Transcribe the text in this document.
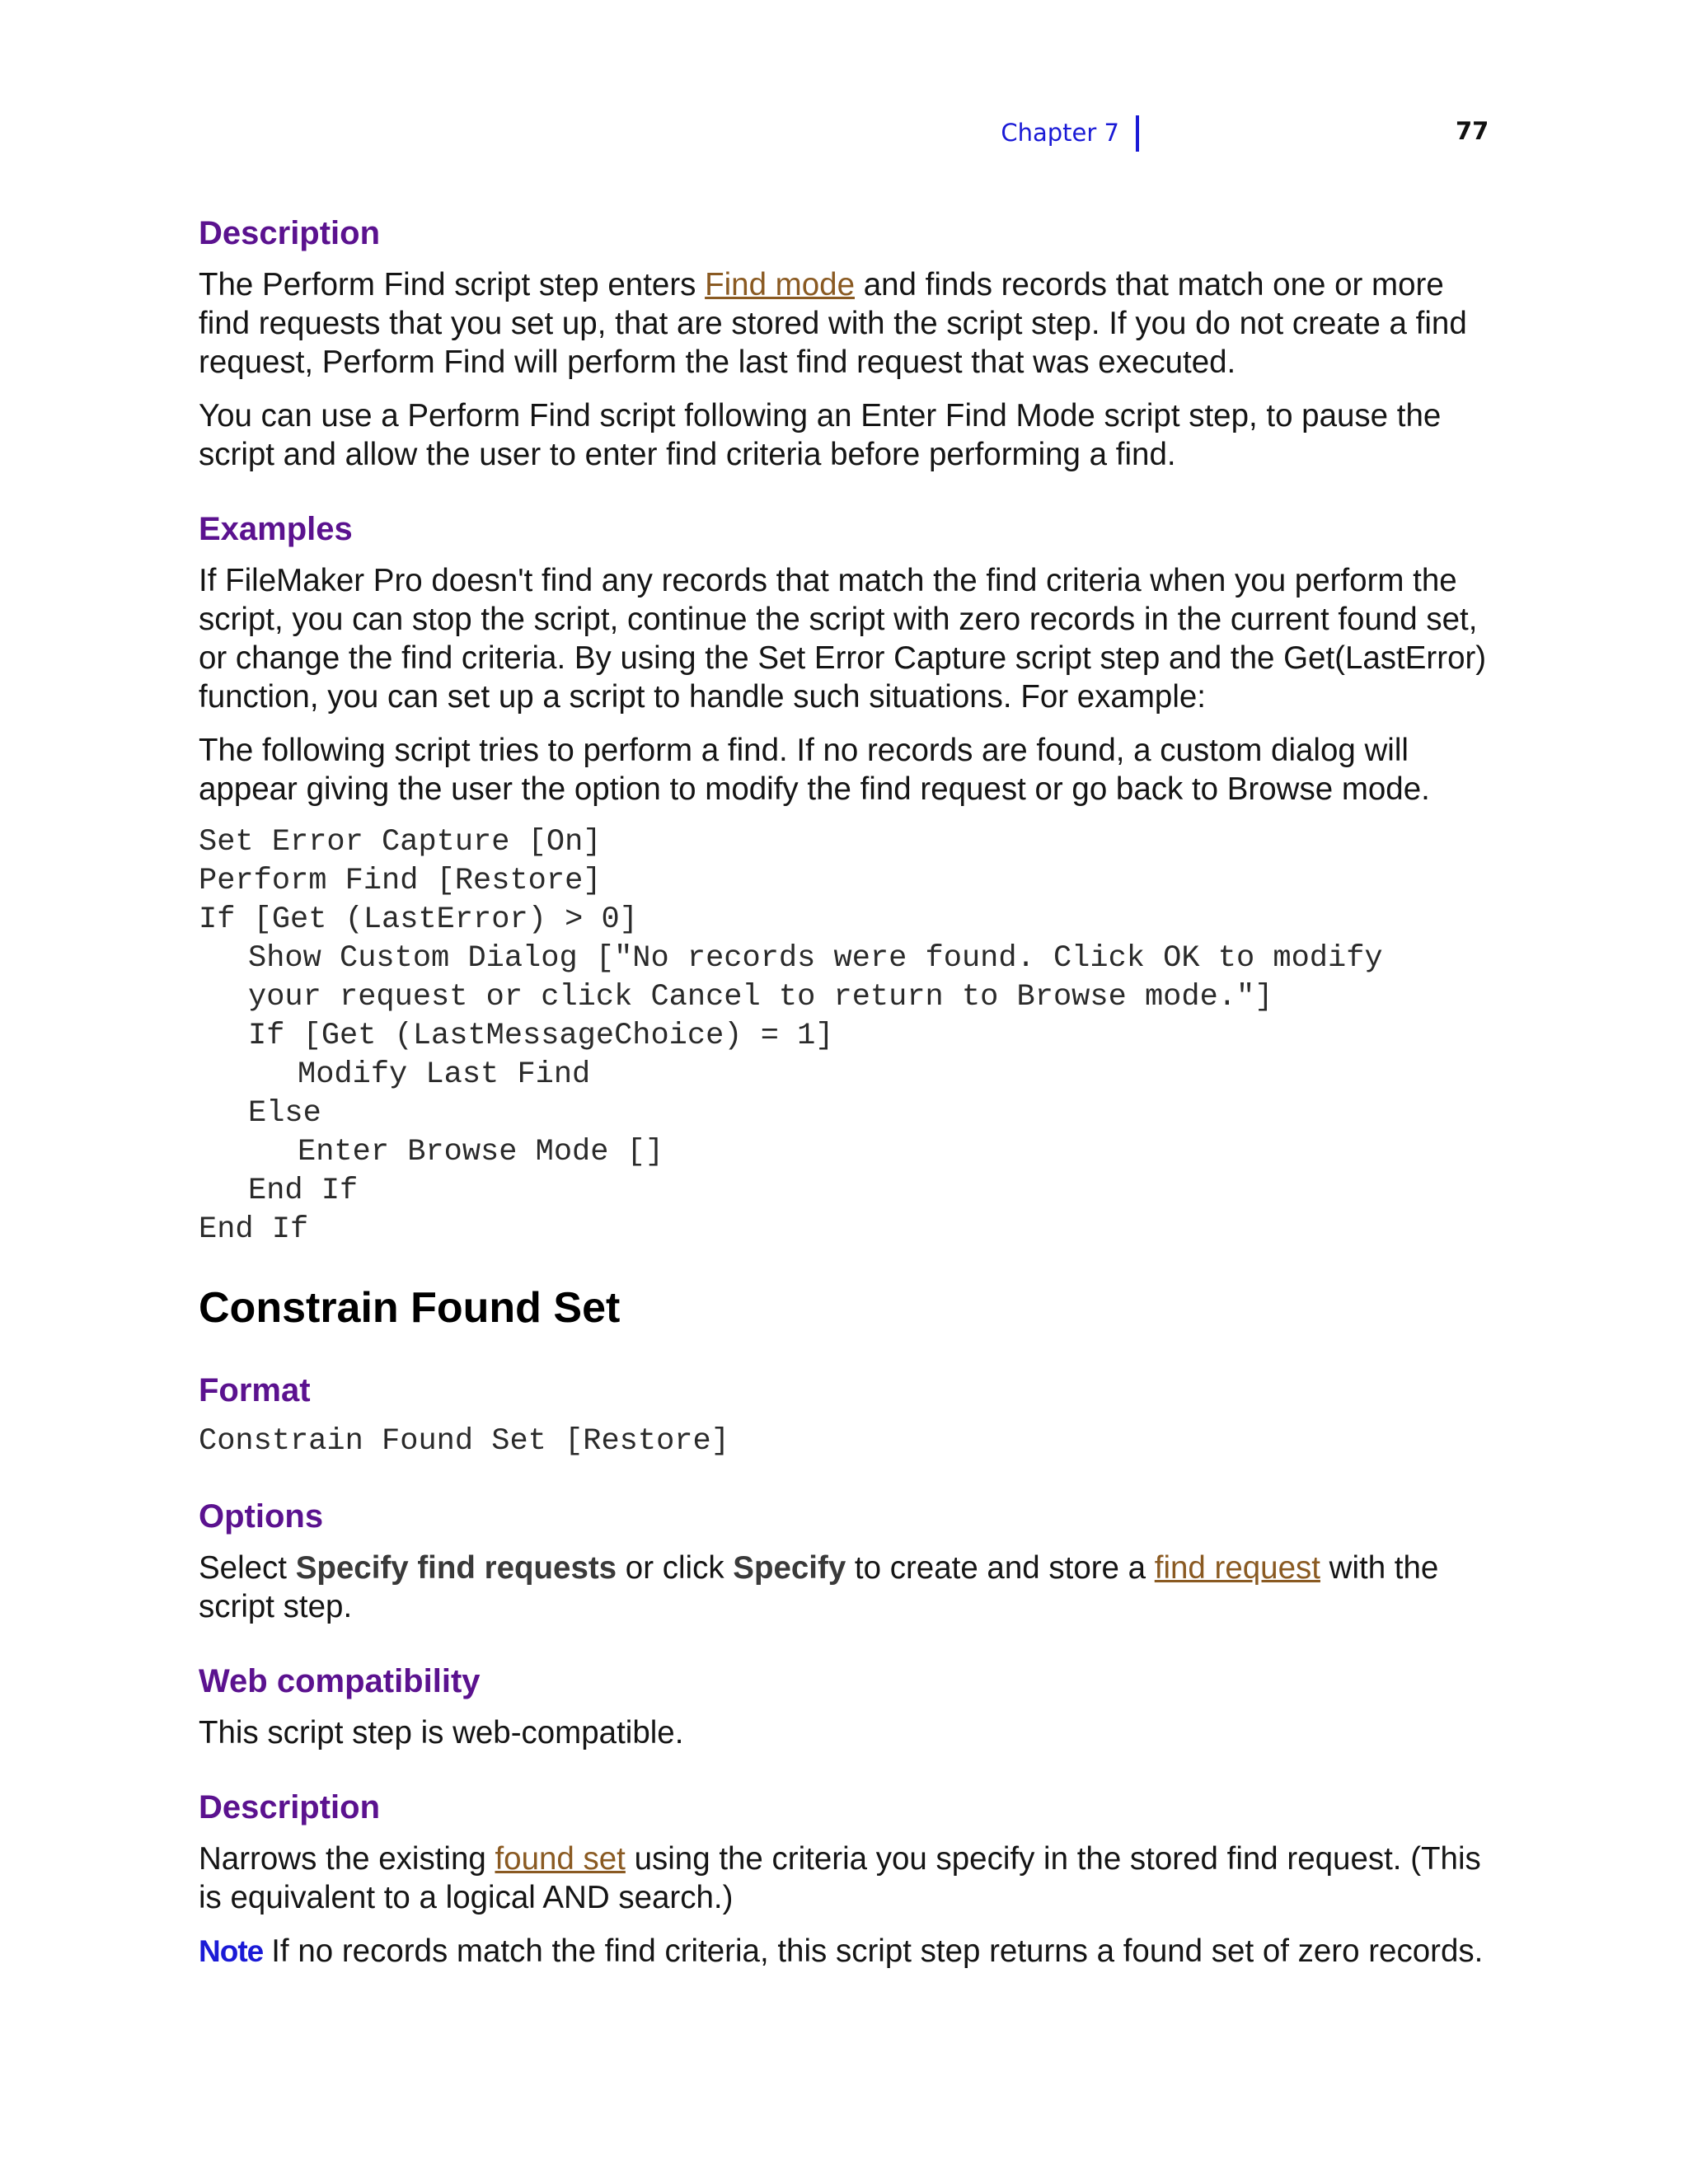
Chapter 7	77
Description

The Perform Find script step enters Find mode and finds records that match one or more find requests that you set up, that are stored with the script step. If you do not create a find request, Perform Find will perform the last find request that was executed.

You can use a Perform Find script following an Enter Find Mode script step, to pause the script and allow the user to enter find criteria before performing a find.

Examples

If FileMaker Pro doesn't find any records that match the find criteria when you perform the script, you can stop the script, continue the script with zero records in the current found set, or change the find criteria. By using the Set Error Capture script step and the Get(LastError) function, you can set up a script to handle such situations. For example:

The following script tries to perform a find. If no records are found, a custom dialog will appear giving the user the option to modify the find request or go back to Browse mode.

Set Error Capture [On]
Perform Find [Restore]
If [Get (LastError) > 0]
Show Custom Dialog ["No records were found. Click OK to modify
your request or click Cancel to return to Browse mode."]
If [Get (LastMessageChoice) = 1]
Modify Last Find
Else
Enter Browse Mode []
End If
End If
Constrain Found Set
Format
Constrain Found Set [Restore]
Options

Select Specify find requests or click Specify to create and store a find request with the script step.

Web compatibility

This script step is web-compatible.

Description

Narrows the existing found set using the criteria you specify in the stored find request. (This is equivalent to a logical AND search.)

Note If no records match the find criteria, this script step returns a found set of zero records.
